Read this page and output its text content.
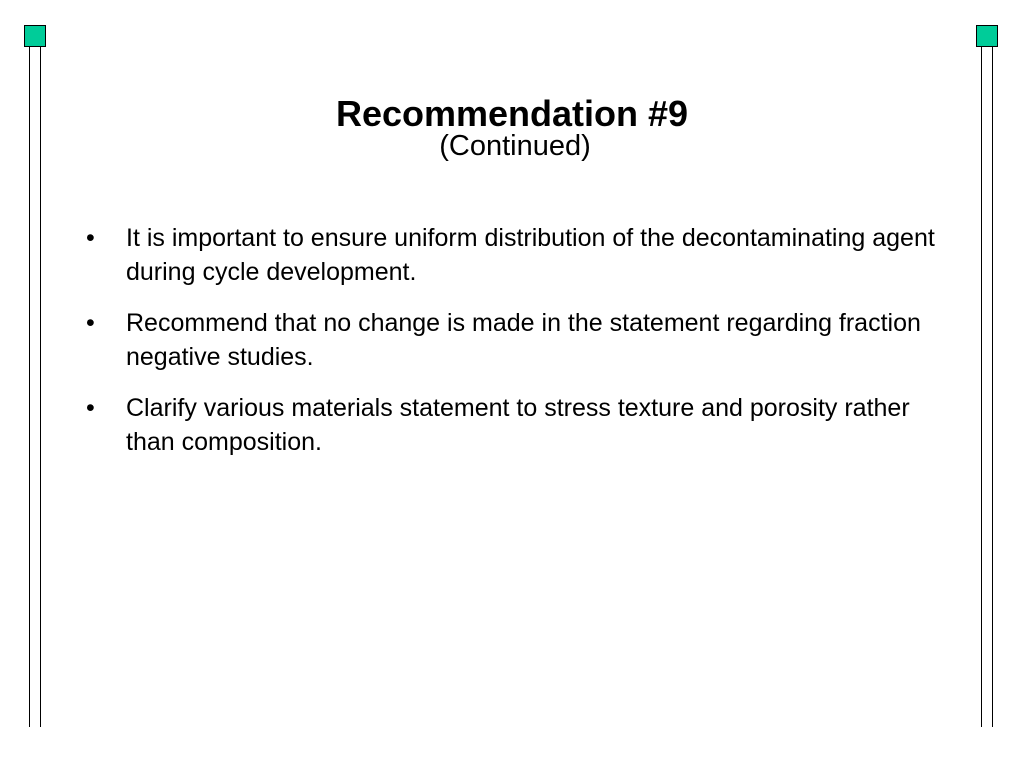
Recommendation #9
(Continued)
• It is important to ensure uniform distribution of the decontaminating agent during cycle development.
• Recommend that no change is made in the statement regarding fraction negative studies.
• Clarify various materials statement to stress texture and porosity rather than composition.
